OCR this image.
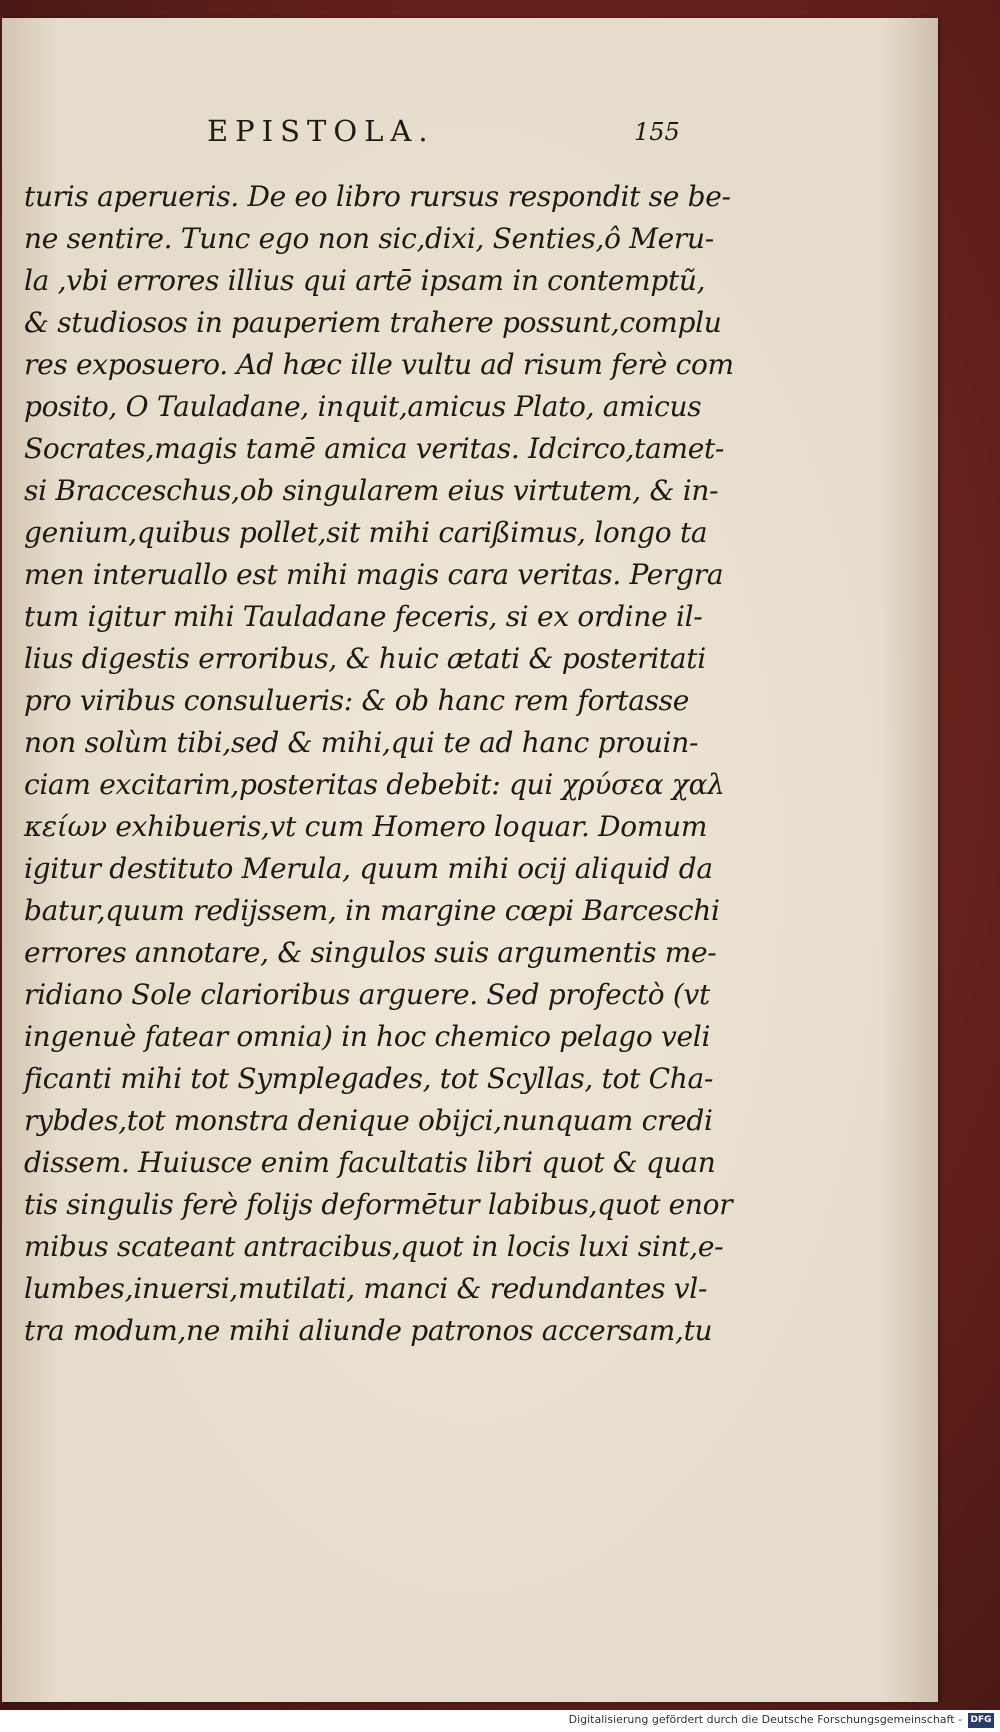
EPISTOLA.	155
turis aperueris. De eo libro rursus respondit se be-
ne sentire. Tunc ego non sic,dixi, Senties,ô Meru-
la ,vbi errores illius qui artē ipsam in contemptũ,
& studiosos in pauperiem trahere possunt,complu
res exposuero. Ad hæc ille vultu ad risum ferè com
posito, O Tauladane, inquit,amicus Plato, amicus
Socrates,magis tamē amica veritas. Idcirco,tamet-
si Bracceschus,ob singularem eius virtutem, & in-
genium,quibus pollet,sit mihi carißimus, longo ta
men interuallo est mihi magis cara veritas. Pergra
tum igitur mihi Tauladane feceris, si ex ordine il-
lius digestis erroribus, & huic ætati & posteritati
pro viribus consulueris: & ob hanc rem fortasse
non solùm tibi,sed & mihi,qui te ad hanc prouin-
ciam excitarim,posteritas debebit: qui χρύσεα χαλ
κείων exhibueris,vt cum Homero loquar. Domum
igitur destituto Merula, quum mihi ocij aliquid da
batur,quum redijssem, in margine cœpi Barceschi
errores annotare, & singulos suis argumentis me-
ridiano Sole clarioribus arguere. Sed profectò (vt
ingenuè fatear omnia) in hoc chemico pelago veli
ficanti mihi tot Symplegades, tot Scyllas, tot Cha-
rybdes,tot monstra denique obijci,nunquam credi
dissem. Huiusce enim facultatis libri quot & quan
tis singulis ferè folijs deformētur labibus,quot enor
mibus scateant antracibus,quot in locis luxi sint,e-
lumbes,inuersi,mutilati, manci & redundantes vl-
tra modum,ne mihi aliunde patronos accersam,tu
Digitalisierung gefördert durch die Deutsche Forschungsgemeinschaft - DFG
